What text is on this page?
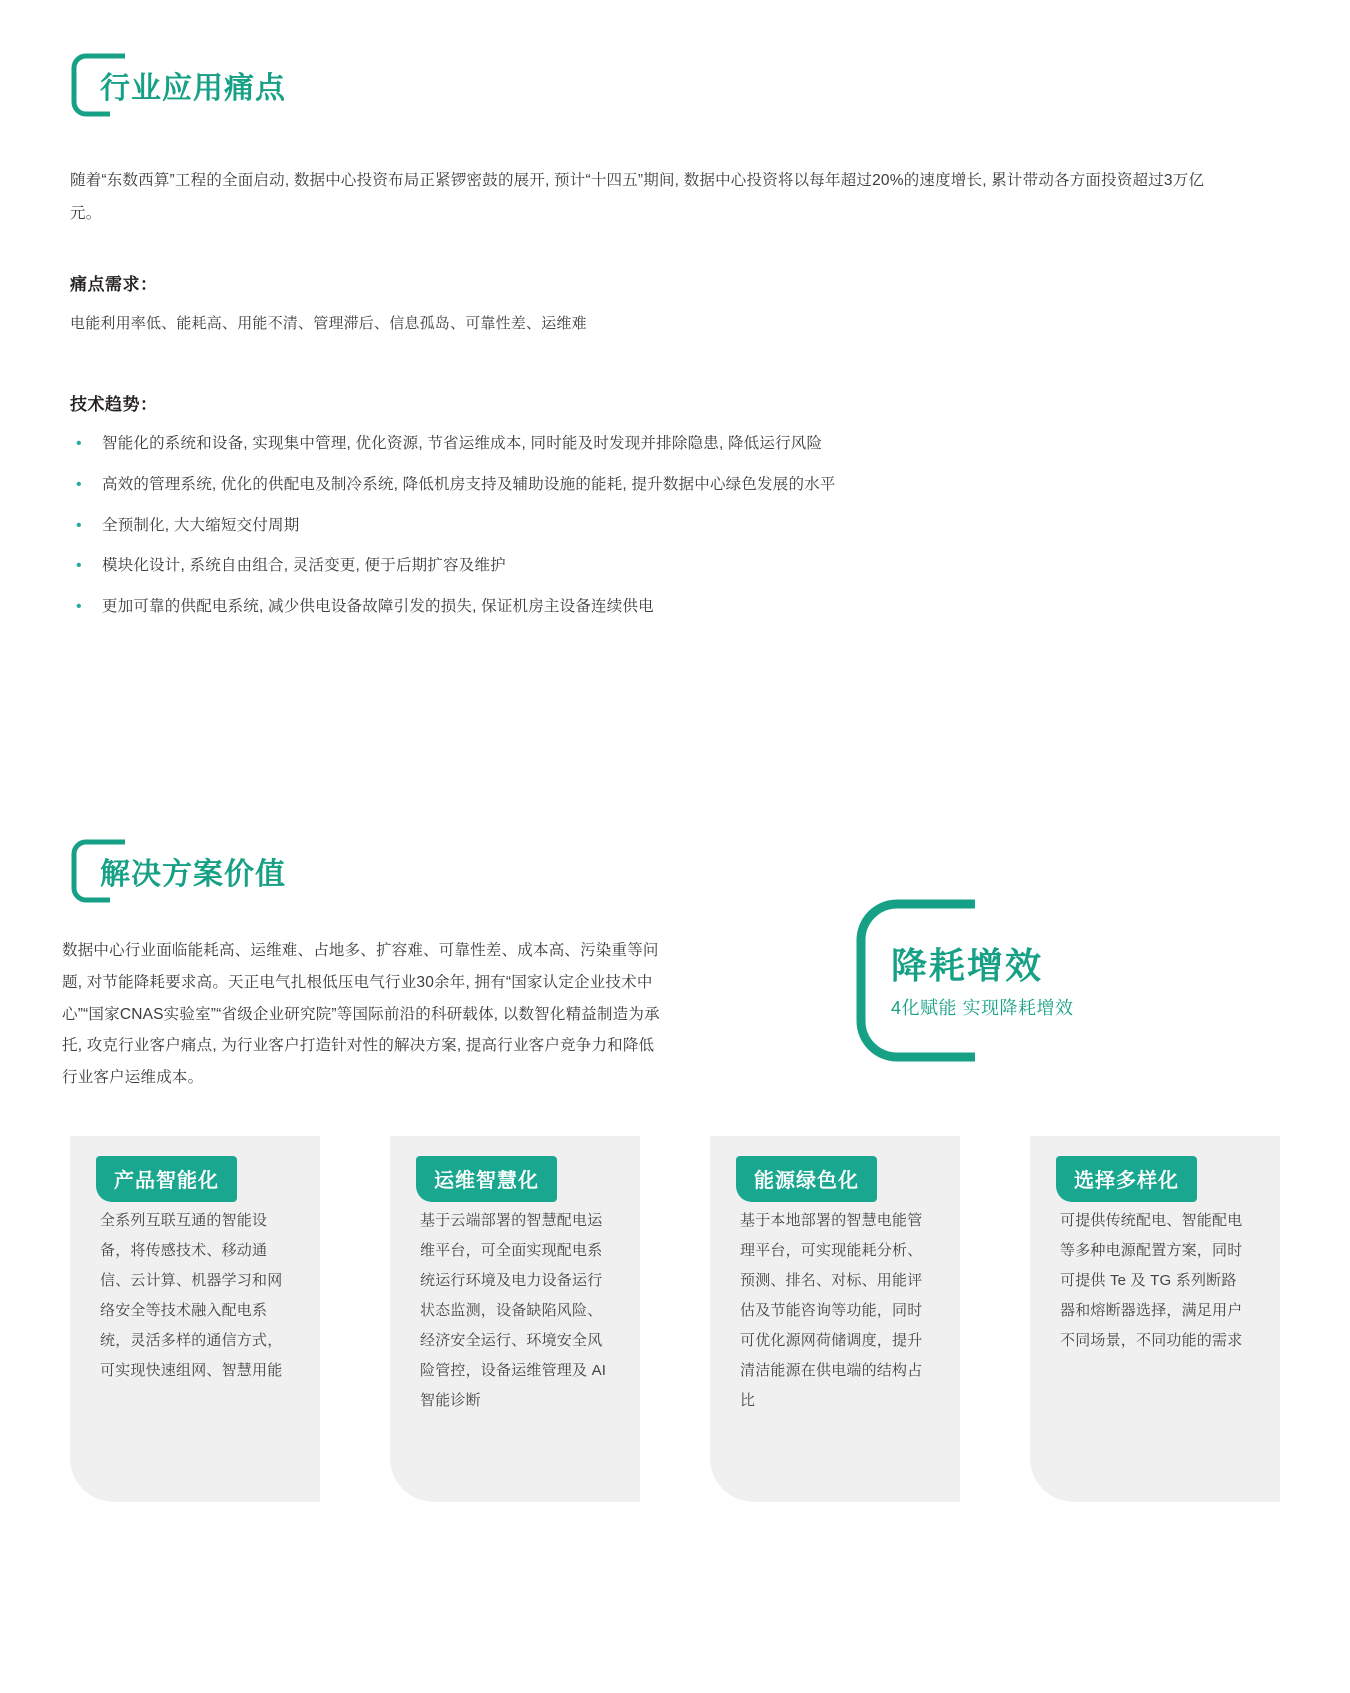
行业应用痛点
随着“东数西算”工程的全面启动, 数据中心投资布局正紧锣密鼓的展开, 预计“十四五”期间, 数据中心投资将以每年超过20%的速度增长, 累计带动各方面投资超过3万亿元。
痛点需求：
电能利用率低、能耗高、用能不清、管理滞后、信息孤岛、可靠性差、运维难
技术趋势：
• 智能化的系统和设备, 实现集中管理, 优化资源, 节省运维成本, 同时能及时发现并排除隐患, 降低运行风险
• 高效的管理系统, 优化的供配电及制冷系统, 降低机房支持及辅助设施的能耗, 提升数据中心绿色发展的水平
• 全预制化, 大大缩短交付周期
• 模块化设计, 系统自由组合, 灵活变更, 便于后期扩容及维护
• 更加可靠的供配电系统, 减少供电设备故障引发的损失, 保证机房主设备连续供电
解决方案价值
数据中心行业面临能耗高、运维难、占地多、扩容难、可靠性差、成本高、污染重等问题, 对节能降耗要求高。天正电气扎根低压电气行业30余年, 拥有“国家认定企业技术中心”“国家CNAS实验室”“省级企业研究院”等国际前沿的科研载体, 以数智化精益制造为承托, 攻克行业客户痛点, 为行业客户打造针对性的解决方案, 提高行业客户竞争力和降低行业客户运维成本。
降耗增效
4化赋能 实现降耗增效
产品智能化
全系列互联互通的智能设备，将传感技术、移动通信、云计算、机器学习和网络安全等技术融入配电系统，灵活多样的通信方式，可实现快速组网、智慧用能
运维智慧化
基于云端部署的智慧配电运维平台，可全面实现配电系统运行环境及电力设备运行状态监测，设备缺陷风险、经济安全运行、环境安全风险管控，设备运维管理及 AI 智能诊断
能源绿色化
基于本地部署的智慧电能管理平台，可实现能耗分析、预测、排名、对标、用能评估及节能咨询等功能，同时可优化源网荷储调度，提升清洁能源在供电端的结构占比
选择多样化
可提供传统配电、智能配电等多种电源配置方案，同时可提供 Te 及 TG 系列断路器和熔断器选择，满足用户不同场景，不同功能的需求
